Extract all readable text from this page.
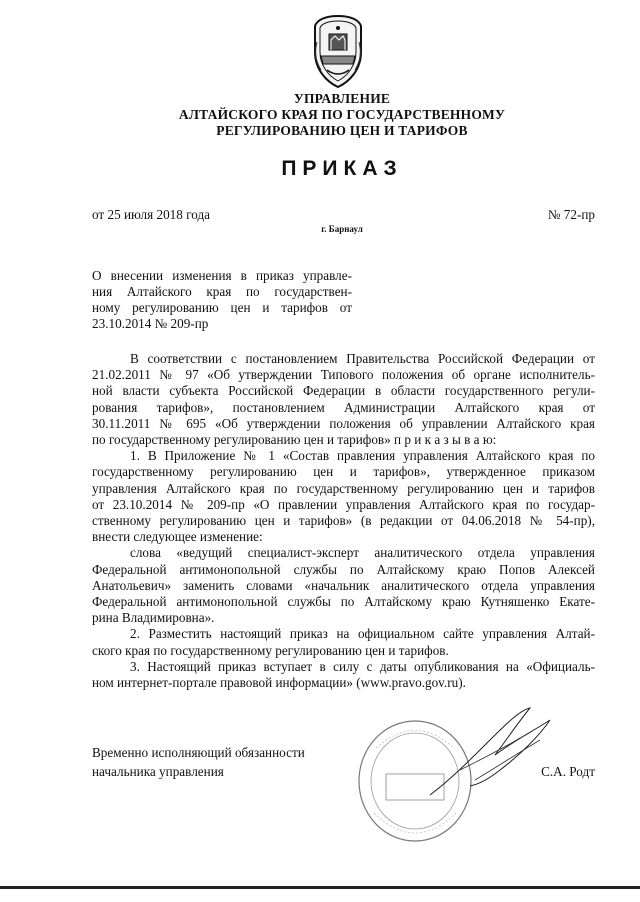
УПРАВЛЕНИЕ
АЛТАЙСКОГО КРАЯ ПО ГОСУДАРСТВЕННОМУ
РЕГУЛИРОВАНИЮ ЦЕН И ТАРИФОВ
ПРИКАЗ
от 25 июля 2018 года	№ 72-пр
г. Барнаул
О внесении изменения в приказ управле-
ния Алтайского края по государствен-
ному регулированию цен и тарифов от
23.10.2014 № 209-пр
В соответствии с постановлением Правительства Российской Федерации от
21.02.2011 № 97 «Об утверждении Типового положения об органе исполнитель-
ной власти субъекта Российской Федерации в области государственного регули-
рования тарифов», постановлением Администрации Алтайского края от
30.11.2011 № 695 «Об утверждении положения об управлении Алтайского края
по государственному регулированию цен и тарифов» п р и к а з ы в а ю:
1. В Приложение № 1 «Состав правления управления Алтайского края по
государственному регулированию цен и тарифов», утвержденное приказом
управления Алтайского края по государственному регулированию цен и тарифов
от 23.10.2014 № 209-пр «О правлении управления Алтайского края по государ-
ственному регулированию цен и тарифов» (в редакции от 04.06.2018 № 54-пр),
внести следующее изменение:
слова «ведущий специалист-эксперт аналитического отдела управления
Федеральной антимонопольной службы по Алтайскому краю Попов Алексей
Анатольевич» заменить словами «начальник аналитического отдела управления
Федеральной антимонопольной службы по Алтайскому краю Кутняшенко Екате-
рина Владимировна».
2. Разместить настоящий приказ на официальном сайте управления Алтай-
ского края по государственному регулированию цен и тарифов.
3. Настоящий приказ вступает в силу с даты опубликования на «Официаль-
ном интернет-портале правовой информации» (www.pravo.gov.ru).
Временно исполняющий обязанности
начальника управления	С.А. Родт
